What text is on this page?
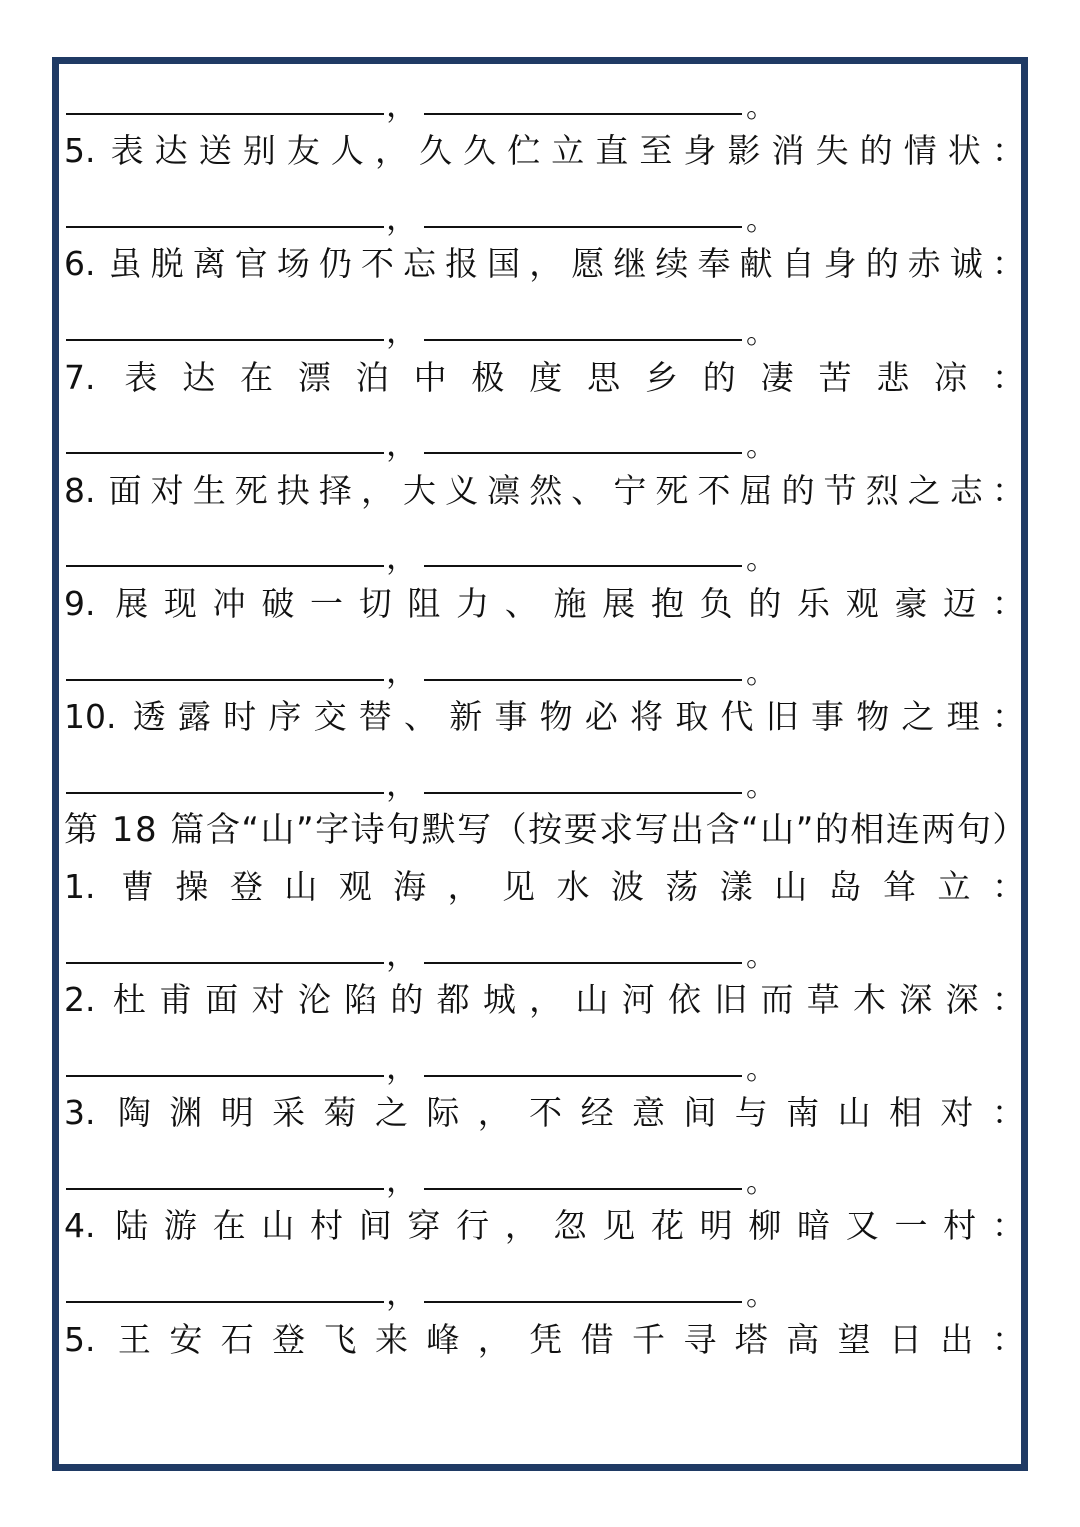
，	。
5. 表 达 送 别 友 人 ， 久 久 伫 立 直 至 身 影 消 失 的 情 状 ：
，	。
6. 虽 脱 离 官 场 仍 不 忘 报 国 ， 愿 继 续 奉 献 自 身 的 赤 诚 ：
，	。
7. 表 达 在 漂 泊 中 极 度 思 乡 的 凄 苦 悲 凉 ：
，	。
8. 面 对 生 死 抉 择 ， 大 义 凛 然 、 宁 死 不 屈 的 节 烈 之 志 ：
，	。
9. 展 现 冲 破 一 切 阻 力 、 施 展 抱 负 的 乐 观 豪 迈 ：
，	。
10. 透 露 时 序 交 替 、 新 事 物 必 将 取 代 旧 事 物 之 理 ：
，	。
第 18 篇含“山”字诗句默写（按要求写出含“山”的相连两句）
1. 曹 操 登 山 观 海 ， 见 水 波 荡 漾 山 岛 耸 立 ：
，	。
2. 杜 甫 面 对 沦 陷 的 都 城 ， 山 河 依 旧 而 草 木 深 深 ：
，	。
3. 陶 渊 明 采 菊 之 际 ， 不 经 意 间 与 南 山 相 对 ：
，	。
4. 陆 游 在 山 村 间 穿 行 ， 忽 见 花 明 柳 暗 又 一 村 ：
，	。
5. 王 安 石 登 飞 来 峰 ， 凭 借 千 寻 塔 高 望 日 出 ：
